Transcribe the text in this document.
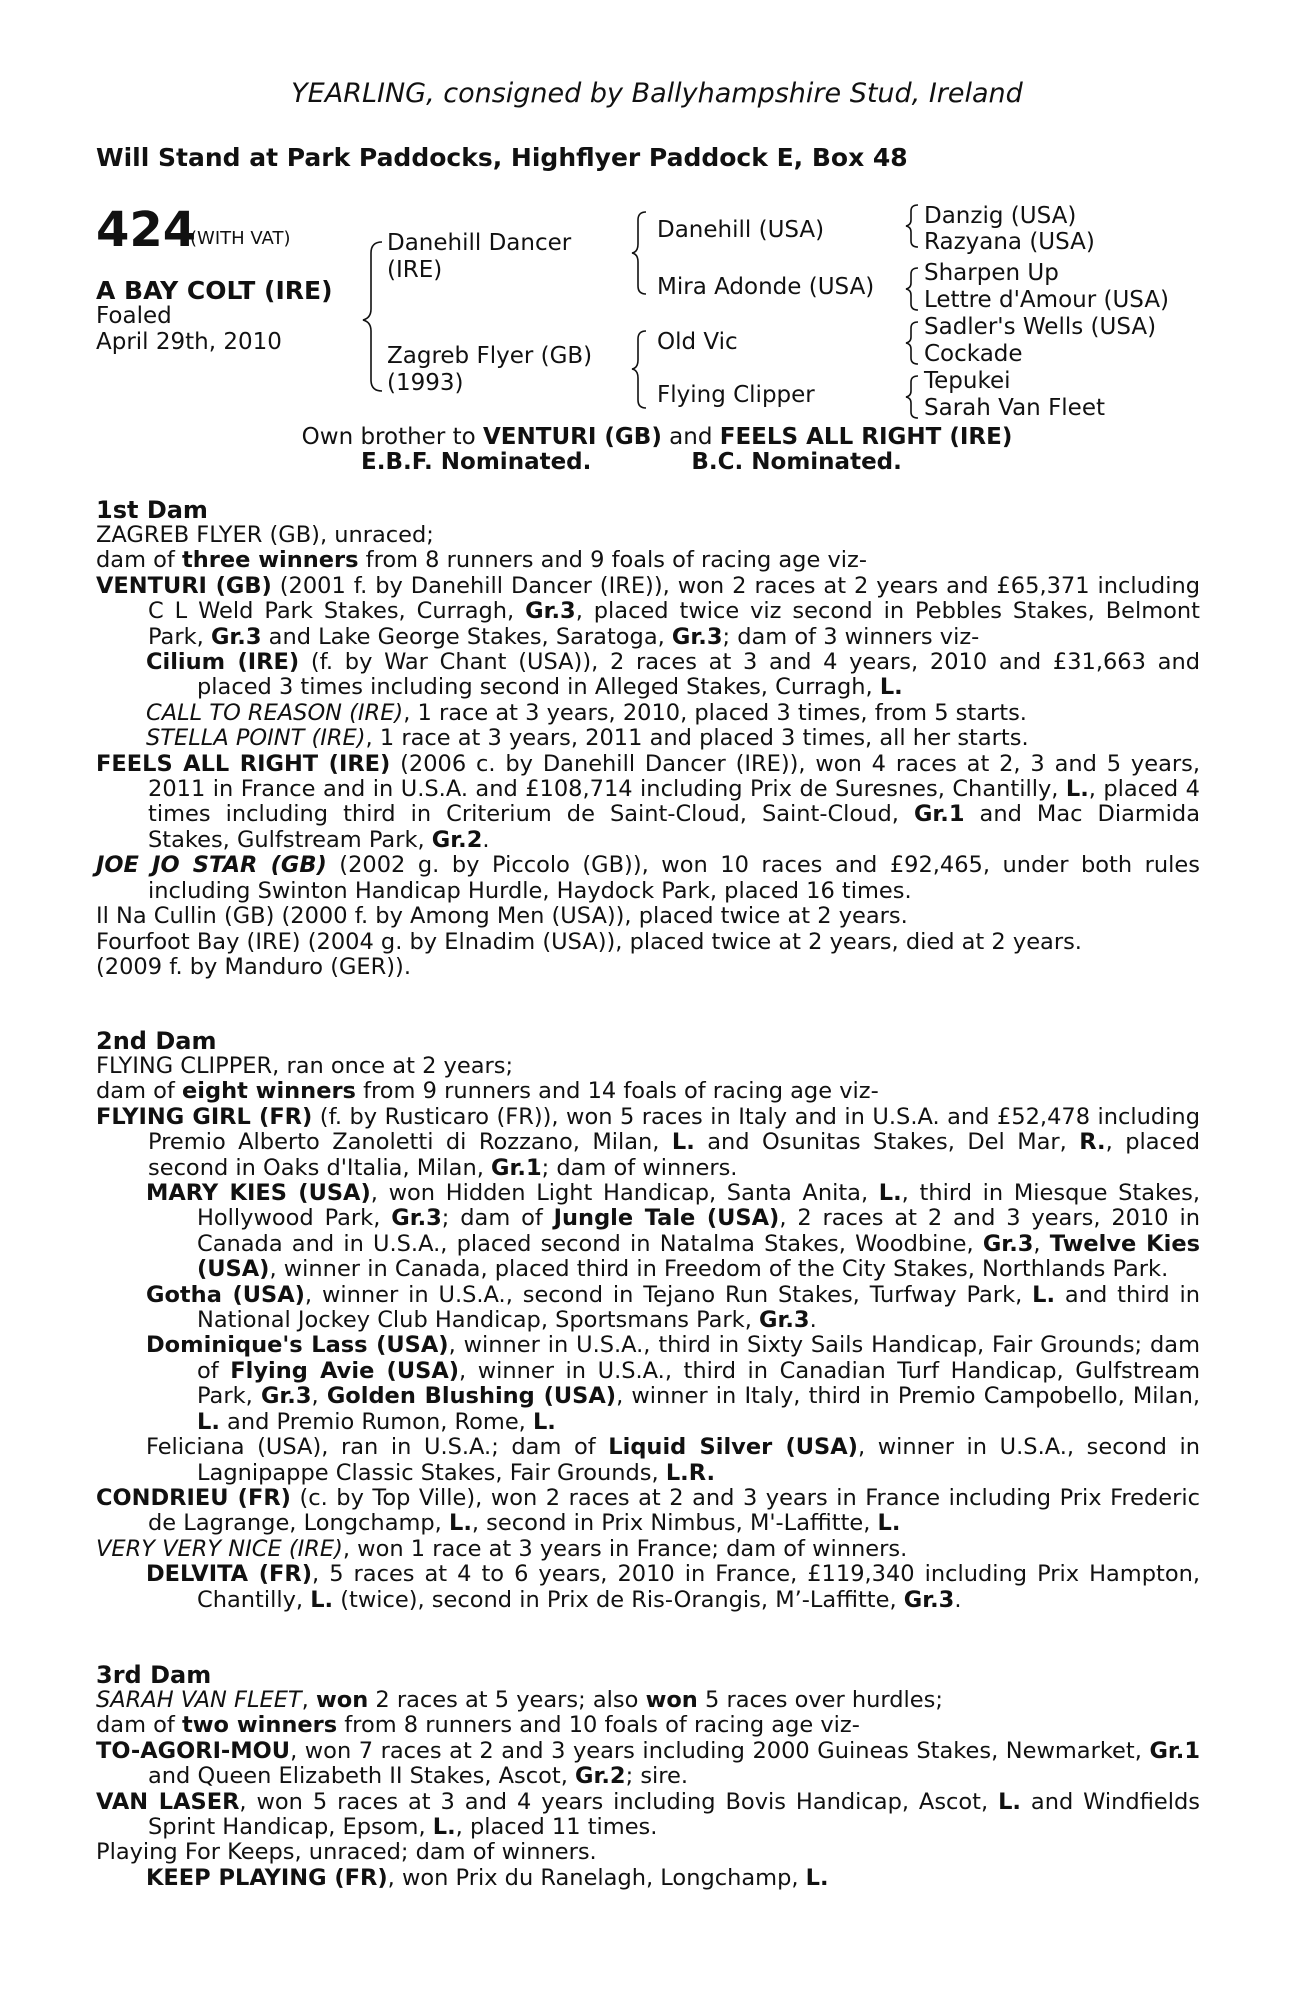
YEARLING, consigned by Ballyhampshire Stud, Ireland
Will Stand at Park Paddocks, Highflyer Paddock E, Box 48
424
(WITH VAT)
A BAY COLT (IRE)
Foaled
April 29th, 2010
Danehill Dancer
(IRE)
Zagreb Flyer (GB)
(1993)
Danehill (USA)
Mira Adonde (USA)
Old Vic
Flying Clipper
Danzig (USA)
Razyana (USA)
Sharpen Up
Lettre d'Amour (USA)
Sadler's Wells (USA)
Cockade
Tepukei
Sarah Van Fleet
Own brother to VENTURI (GB) and FEELS ALL RIGHT (IRE)
E.B.F. Nominated.	B.C. Nominated.
1st Dam

ZAGREB FLYER (GB), unraced;

dam of three winners from 8 runners and 9 foals of racing age viz-

VENTURI (GB) (2001 f. by Danehill Dancer (IRE)), won 2 races at 2 years and £65,371 including C L Weld Park Stakes, Curragh, Gr.3, placed twice viz second in Pebbles Stakes, Belmont Park, Gr.3 and Lake George Stakes, Saratoga, Gr.3; dam of 3 winners viz-

Cilium (IRE) (f. by War Chant (USA)), 2 races at 3 and 4 years, 2010 and £31,663 and placed 3 times including second in Alleged Stakes, Curragh, L.

CALL TO REASON (IRE), 1 race at 3 years, 2010, placed 3 times, from 5 starts.

STELLA POINT (IRE), 1 race at 3 years, 2011 and placed 3 times, all her starts.

FEELS ALL RIGHT (IRE) (2006 c. by Danehill Dancer (IRE)), won 4 races at 2, 3 and 5 years, 2011 in France and in U.S.A. and £108,714 including Prix de Suresnes, Chantilly, L., placed 4 times including third in Criterium de Saint-Cloud, Saint-Cloud, Gr.1 and Mac Diarmida Stakes, Gulfstream Park, Gr.2.

JOE JO STAR (GB) (2002 g. by Piccolo (GB)), won 10 races and £92,465, under both rules including Swinton Handicap Hurdle, Haydock Park, placed 16 times.

Il Na Cullin (GB) (2000 f. by Among Men (USA)), placed twice at 2 years.

Fourfoot Bay (IRE) (2004 g. by Elnadim (USA)), placed twice at 2 years, died at 2 years.

(2009 f. by Manduro (GER)).

2nd Dam

FLYING CLIPPER, ran once at 2 years;

dam of eight winners from 9 runners and 14 foals of racing age viz-

FLYING GIRL (FR) (f. by Rusticaro (FR)), won 5 races in Italy and in U.S.A. and £52,478 including Premio Alberto Zanoletti di Rozzano, Milan, L. and Osunitas Stakes, Del Mar, R., placed second in Oaks d'Italia, Milan, Gr.1; dam of winners.

MARY KIES (USA), won Hidden Light Handicap, Santa Anita, L., third in Miesque Stakes, Hollywood Park, Gr.3; dam of Jungle Tale (USA), 2 races at 2 and 3 years, 2010 in Canada and in U.S.A., placed second in Natalma Stakes, Woodbine, Gr.3, Twelve Kies (USA), winner in Canada, placed third in Freedom of the City Stakes, Northlands Park.

Gotha (USA), winner in U.S.A., second in Tejano Run Stakes, Turfway Park, L. and third in National Jockey Club Handicap, Sportsmans Park, Gr.3.

Dominique's Lass (USA), winner in U.S.A., third in Sixty Sails Handicap, Fair Grounds; dam of Flying Avie (USA), winner in U.S.A., third in Canadian Turf Handicap, Gulfstream Park, Gr.3, Golden Blushing (USA), winner in Italy, third in Premio Campobello, Milan, L. and Premio Rumon, Rome, L.

Feliciana (USA), ran in U.S.A.; dam of Liquid Silver (USA), winner in U.S.A., second in Lagnipappe Classic Stakes, Fair Grounds, L.R.

CONDRIEU (FR) (c. by Top Ville), won 2 races at 2 and 3 years in France including Prix Frederic de Lagrange, Longchamp, L., second in Prix Nimbus, M'-Laffitte, L.

VERY VERY NICE (IRE), won 1 race at 3 years in France; dam of winners.

DELVITA (FR), 5 races at 4 to 6 years, 2010 in France, £119,340 including Prix Hampton, Chantilly, L. (twice), second in Prix de Ris-Orangis, M’-Laffitte, Gr.3.

3rd Dam

SARAH VAN FLEET, won 2 races at 5 years; also won 5 races over hurdles;

dam of two winners from 8 runners and 10 foals of racing age viz-

TO-AGORI-MOU, won 7 races at 2 and 3 years including 2000 Guineas Stakes, Newmarket, Gr.1 and Queen Elizabeth II Stakes, Ascot, Gr.2; sire.

VAN LASER, won 5 races at 3 and 4 years including Bovis Handicap, Ascot, L. and Windfields Sprint Handicap, Epsom, L., placed 11 times.

Playing For Keeps, unraced; dam of winners.

KEEP PLAYING (FR), won Prix du Ranelagh, Longchamp, L.
